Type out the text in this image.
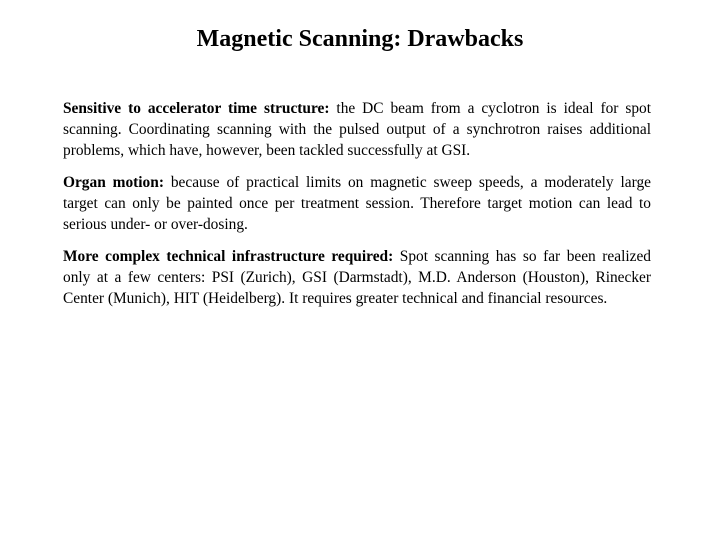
Magnetic Scanning: Drawbacks

Sensitive to accelerator time structure: the DC beam from a cyclotron is ideal for spot scanning. Coordinating scanning with the pulsed output of a synchrotron raises additional problems, which have, however, been tackled successfully at GSI.

Organ motion: because of practical limits on magnetic sweep speeds, a moderately large target can only be painted once per treatment session. Therefore target motion can lead to serious under- or over-dosing.

More complex technical infrastructure required: Spot scanning has so far been realized only at a few centers: PSI (Zurich), GSI (Darmstadt), M.D. Anderson (Houston), Rinecker Center (Munich), HIT (Heidelberg). It requires greater technical and financial resources.
